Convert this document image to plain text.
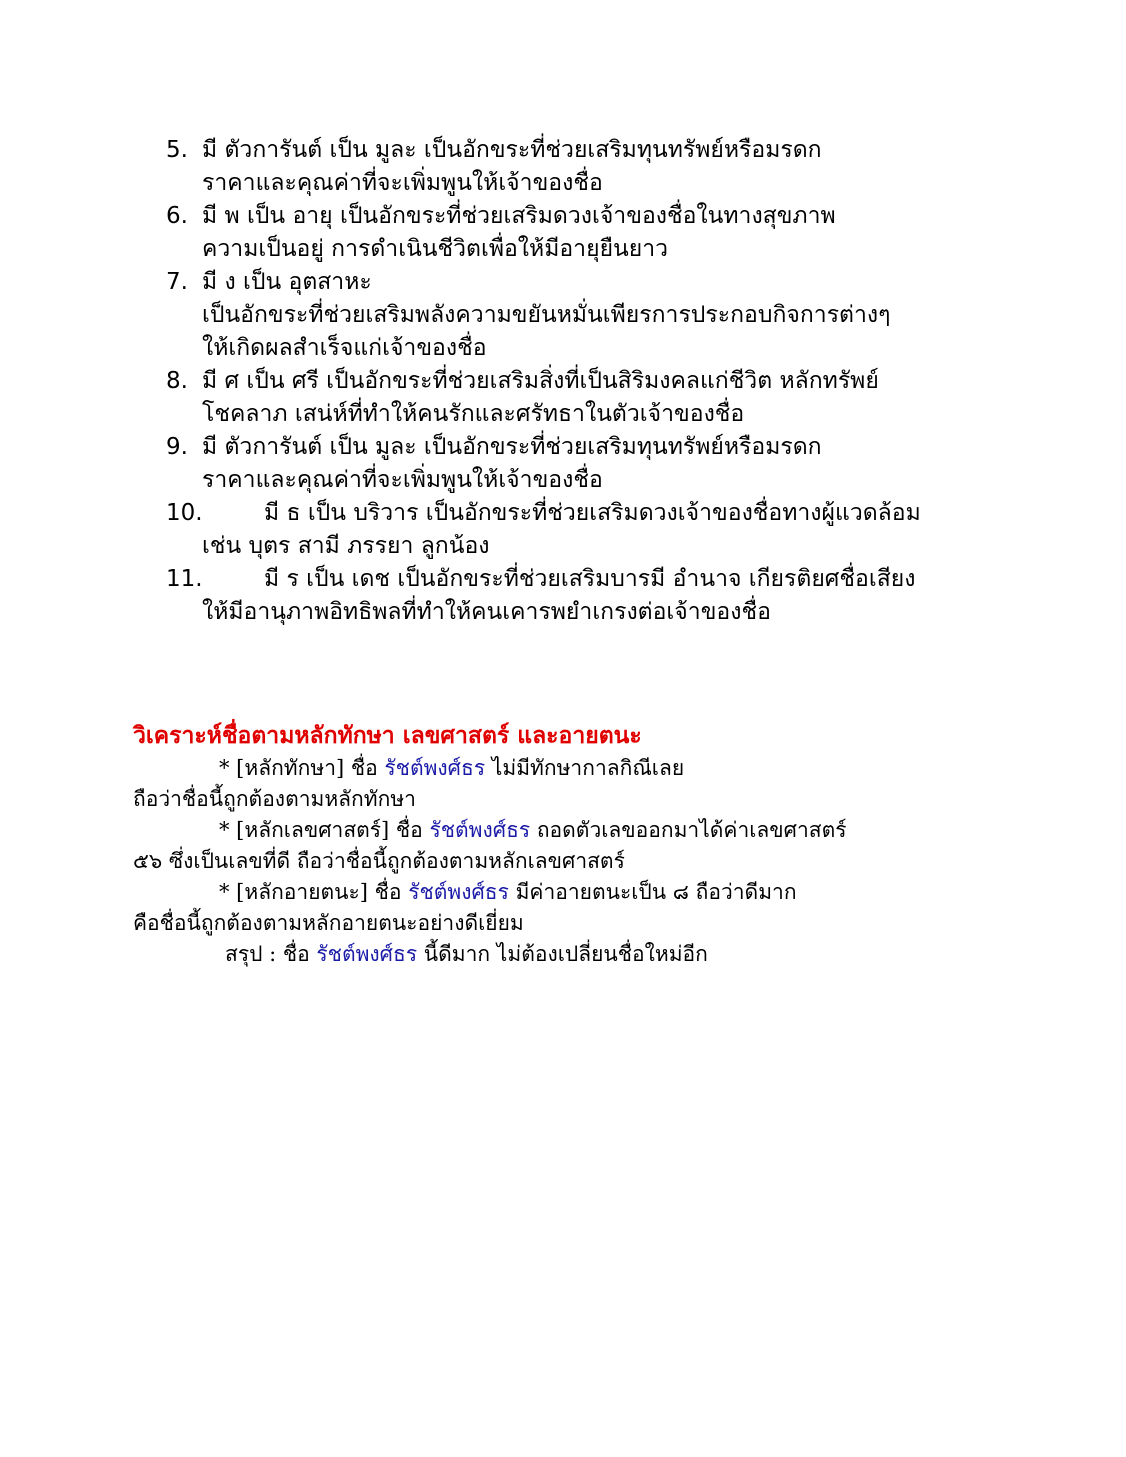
5. มี ตัวการันต์ เป็น มูละ เป็นอักขระที่ช่วยเสริมทุนทรัพย์หรือมรดก
ราคาและคุณค่าที่จะเพิ่มพูนให้เจ้าของชื่อ
6. มี พ เป็น อายุ เป็นอักขระที่ช่วยเสริมดวงเจ้าของชื่อในทางสุขภาพ
ความเป็นอยู่ การดำเนินชีวิตเพื่อให้มีอายุยืนยาว
7. มี ง เป็น อุตสาหะ
เป็นอักขระที่ช่วยเสริมพลังความขยันหมั่นเพียรการประกอบกิจการต่างๆ
ให้เกิดผลสำเร็จแก่เจ้าของชื่อ
8. มี ศ เป็น ศรี เป็นอักขระที่ช่วยเสริมสิ่งที่เป็นสิริมงคลแก่ชีวิต หลักทรัพย์
โชคลาภ เสน่ห์ที่ทำให้คนรักและศรัทธาในตัวเจ้าของชื่อ
9. มี ตัวการันต์ เป็น มูละ เป็นอักขระที่ช่วยเสริมทุนทรัพย์หรือมรดก
ราคาและคุณค่าที่จะเพิ่มพูนให้เจ้าของชื่อ
10.	มี ธ เป็น บริวาร เป็นอักขระที่ช่วยเสริมดวงเจ้าของชื่อทางผู้แวดล้อม
เช่น บุตร สามี ภรรยา ลูกน้อง
11.	มี ร เป็น เดช เป็นอักขระที่ช่วยเสริมบารมี อำนาจ เกียรติยศชื่อเสียง
ให้มีอานุภาพอิทธิพลที่ทำให้คนเคารพยำเกรงต่อเจ้าของชื่อ
วิเคราะห์ชื่อตามหลักทักษา เลขศาสตร์ และอายตนะ
* [หลักทักษา] ชื่อ รัชต์พงศ์ธร ไม่มีทักษากาลกิณีเลย
ถือว่าชื่อนี้ถูกต้องตามหลักทักษา
* [หลักเลขศาสตร์] ชื่อ รัชต์พงศ์ธร ถอดตัวเลขออกมาได้ค่าเลขศาสตร์
๕๖ ซึ่งเป็นเลขที่ดี ถือว่าชื่อนี้ถูกต้องตามหลักเลขศาสตร์
* [หลักอายตนะ] ชื่อ รัชต์พงศ์ธร มีค่าอายตนะเป็น ๘ ถือว่าดีมาก
คือชื่อนี้ถูกต้องตามหลักอายตนะอย่างดีเยี่ยม
สรุป : ชื่อ รัชต์พงศ์ธร นี้ดีมาก ไม่ต้องเปลี่ยนชื่อใหม่อีก
